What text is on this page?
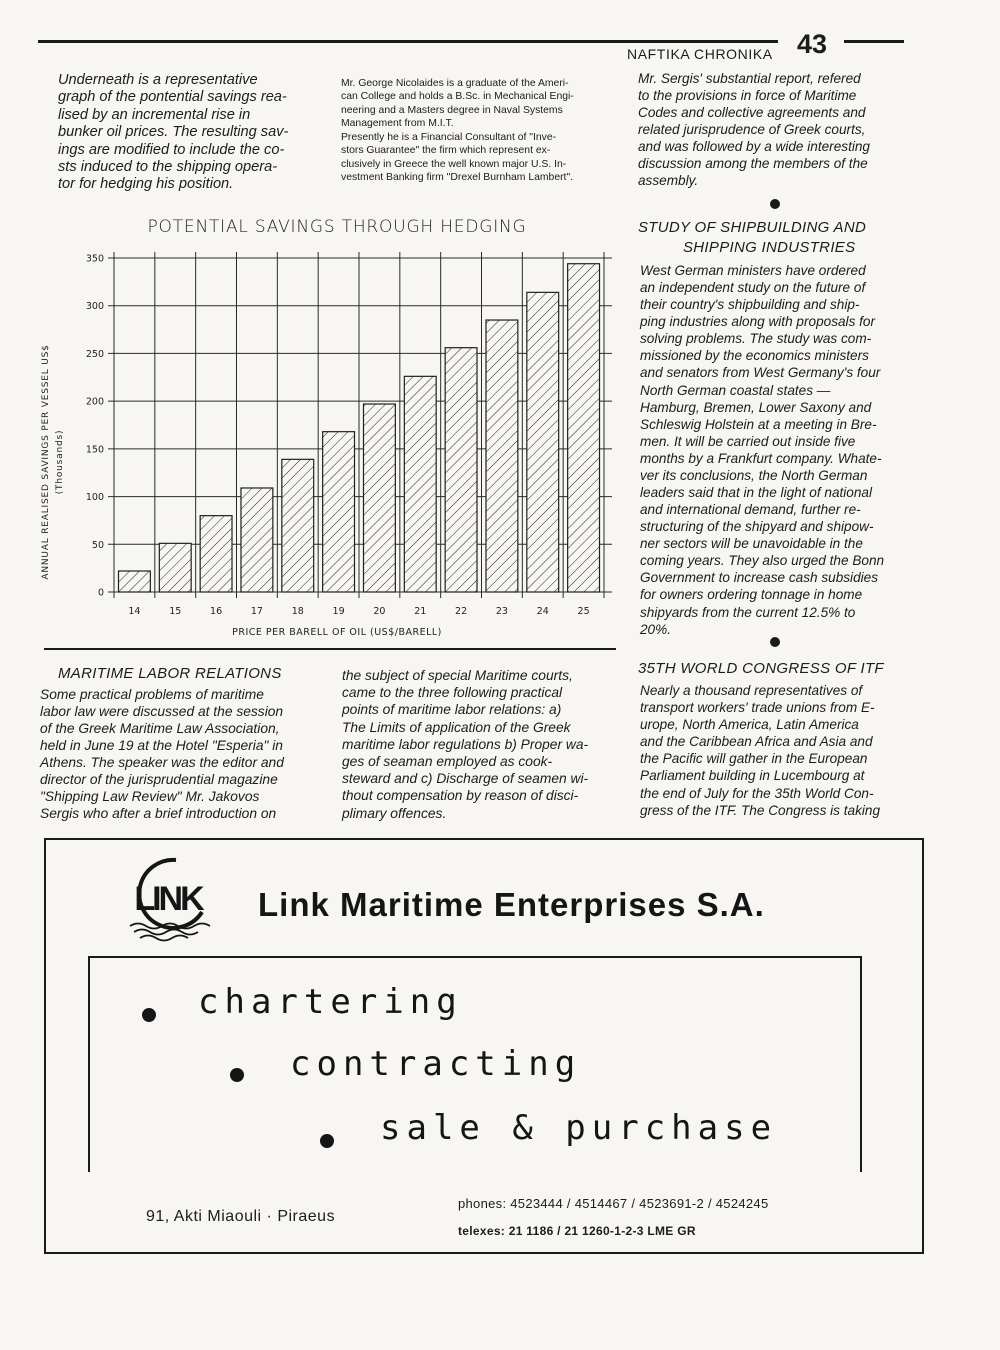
NAFTIKA CHRONIKA 43
Underneath is a representative
graph of the pontential savings rea-
lised by an incremental rise in
bunker oil prices. The resulting sav-
ings are modified to include the co-
sts induced to the shipping opera-
tor for hedging his position.
Mr. George Nicolaides is a graduate of the Ameri-
can College and holds a B.Sc. in Mechanical Engi-
neering and a Masters degree in Naval Systems
Management from M.I.T.
Presently he is a Financial Consultant of "Inve-
stors Guarantee" the firm which represent ex-
clusively in Greece the well known major U.S. In-
vestment Banking firm "Drexel Burnham Lambert".
Mr. Sergis' substantial report, refered
to the provisions in force of Maritime
Codes and collective agreements and
related jurisprudence of Greek courts,
and was followed by a wide interesting
discussion among the members of the
assembly.
STUDY OF SHIPBUILDING AND
SHIPPING INDUSTRIES
West German ministers have ordered
an independent study on the future of
their country's shipbuilding and ship-
ping industries along with proposals for
solving problems. The study was com-
missioned by the economics ministers
and senators from West Germany's four
North German coastal states —
Hamburg, Bremen, Lower Saxony and
Schleswig Holstein at a meeting in Bre-
men. It will be carried out inside five
months by a Frankfurt company. Whate-
ver its conclusions, the North German
leaders said that in the light of national
and international demand, further re-
structuring of the shipyard and shipow-
ner sectors will be unavoidable in the
coming years. They also urged the Bonn
Government to increase cash subsidies
for owners ordering tonnage in home
shipyards from the current 12.5% to
20%.
35TH WORLD CONGRESS OF ITF
Nearly a thousand representatives of
transport workers' trade unions from E-
urope, North America, Latin America
and the Caribbean Africa and Asia and
the Pacific will gather in the European
Parliament building in Lucembourg at
the end of July for the 35th World Con-
gress of the ITF. The Congress is taking
POTENTIAL SAVINGS THROUGH HEDGING
0
50
100
150
200
250
300
350
14	15	16	17	18	19	20	21	22	23	24	25
ANNUAL REALISED SAVINGS PER VESSEL US$ (Thousands)
PRICE PER BARELL OF OIL (US$/BARELL)
MARITIME LABOR RELATIONS
Some practical problems of maritime
labor law were discussed at the session
of the Greek Maritime Law Association,
held in June 19 at the Hotel "Esperia" in
Athens. The speaker was the editor and
director of the jurisprudential magazine
"Shipping Law Review" Mr. Jakovos
Sergis who after a brief introduction on
the subject of special Maritime courts,
came to the three following practical
points of maritime labor relations: a)
The Limits of application of the Greek
maritime labor regulations b) Proper wa-
ges of seaman employed as cook-
steward and c) Discharge of seamen wi-
thout compensation by reason of disci-
plimary offences.
LINK Link Maritime Enterprises S.A.
chartering
contracting
sale & purchase
91, Akti Miaouli · Piraeus
phones: 4523444 / 4514467 / 4523691-2 / 4524245
telexes: 21 1186 / 21 1260-1-2-3 LME GR
